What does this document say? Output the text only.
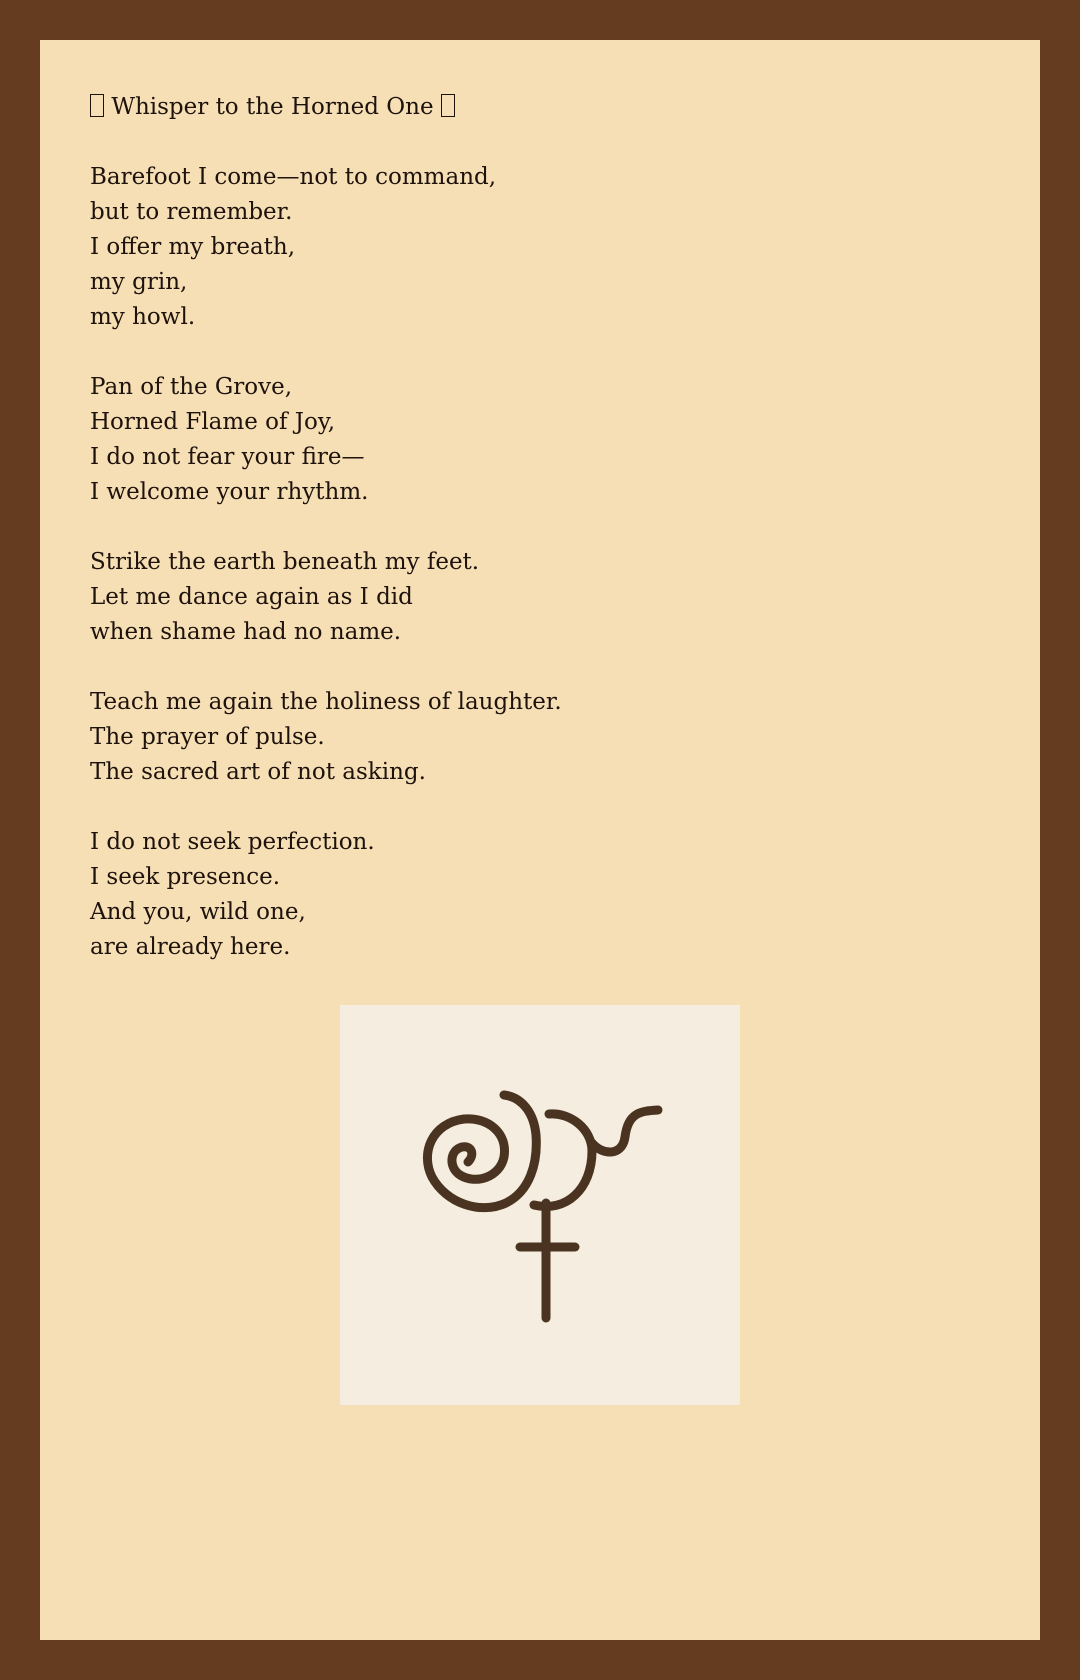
Whisper to the Horned One
Barefoot I come—not to command,
but to remember.
I offer my breath,
my grin,
my howl.
Pan of the Grove,
Horned Flame of Joy,
I do not fear your fire—
I welcome your rhythm.
Strike the earth beneath my feet.
Let me dance again as I did
when shame had no name.
Teach me again the holiness of laughter.
The prayer of pulse.
The sacred art of not asking.
I do not seek perfection.
I seek presence.
And you, wild one,
are already here.
